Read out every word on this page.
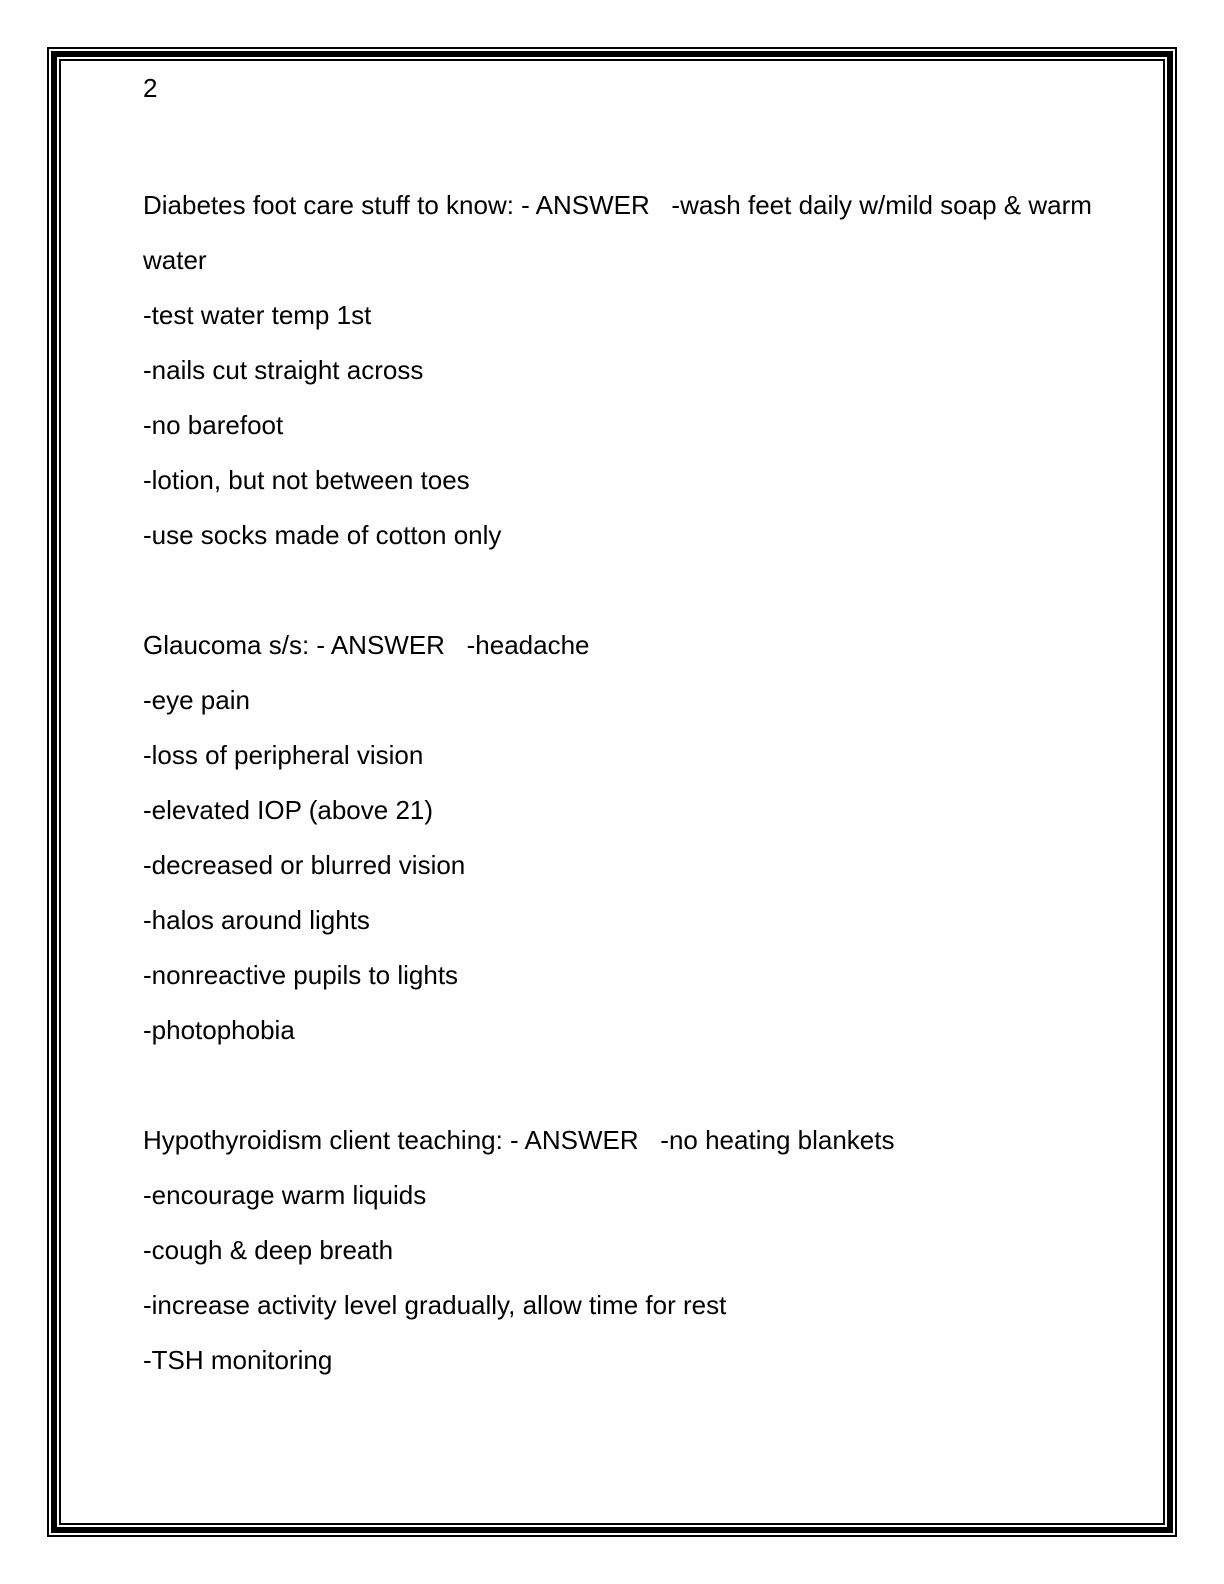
2
Diabetes foot care stuff to know: - ANSWER   -wash feet daily w/mild soap & warm
water
-test water temp 1st
-nails cut straight across
-no barefoot
-lotion, but not between toes
-use socks made of cotton only
Glaucoma s/s: - ANSWER   -headache
-eye pain
-loss of peripheral vision
-elevated IOP (above 21)
-decreased or blurred vision
-halos around lights
-nonreactive pupils to lights
-photophobia
Hypothyroidism client teaching: - ANSWER   -no heating blankets
-encourage warm liquids
-cough & deep breath
-increase activity level gradually, allow time for rest
-TSH monitoring
